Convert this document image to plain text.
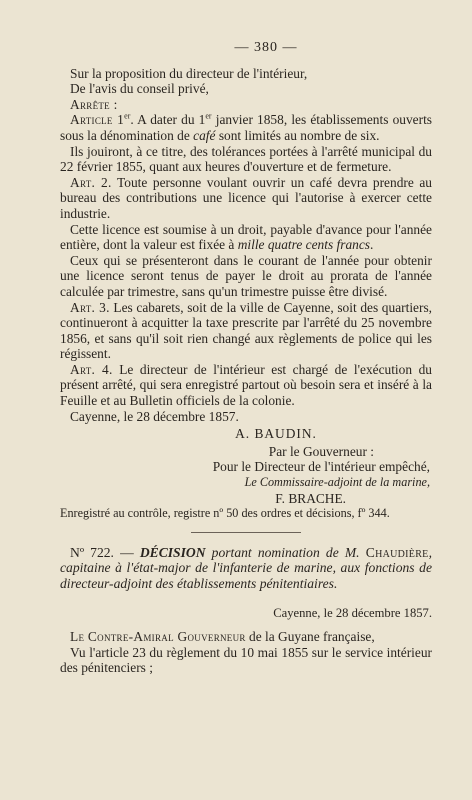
— 380 —

Sur la proposition du directeur de l'intérieur,

De l'avis du conseil privé,

Arrête :

Article 1er. A dater du 1er janvier 1858, les établissements ouverts sous la dénomination de café sont limités au nombre de six.

Ils jouiront, à ce titre, des tolérances portées à l'arrêté municipal du 22 février 1855, quant aux heures d'ouverture et de fermeture.

Art. 2. Toute personne voulant ouvrir un café devra prendre au bureau des contributions une licence qui l'autorise à exercer cette industrie.

Cette licence est soumise à un droit, payable d'avance pour l'année entière, dont la valeur est fixée à mille quatre cents francs.

Ceux qui se présenteront dans le courant de l'année pour obtenir une licence seront tenus de payer le droit au prorata de l'année calculée par trimestre, sans qu'un trimestre puisse être divisé.

Art. 3. Les cabarets, soit de la ville de Cayenne, soit des quartiers, continueront à acquitter la taxe prescrite par l'arrêté du 25 novembre 1856, et sans qu'il soit rien changé aux règlements de police qui les régissent.

Art. 4. Le directeur de l'intérieur est chargé de l'exécution du présent arrêté, qui sera enregistré partout où besoin sera et inséré à la Feuille et au Bulletin officiels de la colonie.

Cayenne, le 28 décembre 1857.

A. BAUDIN.

Par le Gouverneur :

Pour le Directeur de l'intérieur empêché,

Le Commissaire-adjoint de la marine,

F. BRACHE.

Enregistré au contrôle, registre nº 50 des ordres et décisions, fº 344.

Nº 722. — DÉCISION portant nomination de M. Chaudière, capitaine à l'état-major de l'infanterie de marine, aux fonctions de directeur-adjoint des établissements pénitentiaires.

Cayenne, le 28 décembre 1857.

Le Contre-Amiral Gouverneur de la Guyane française,

Vu l'article 23 du règlement du 10 mai 1855 sur le service intérieur des pénitenciers ;
